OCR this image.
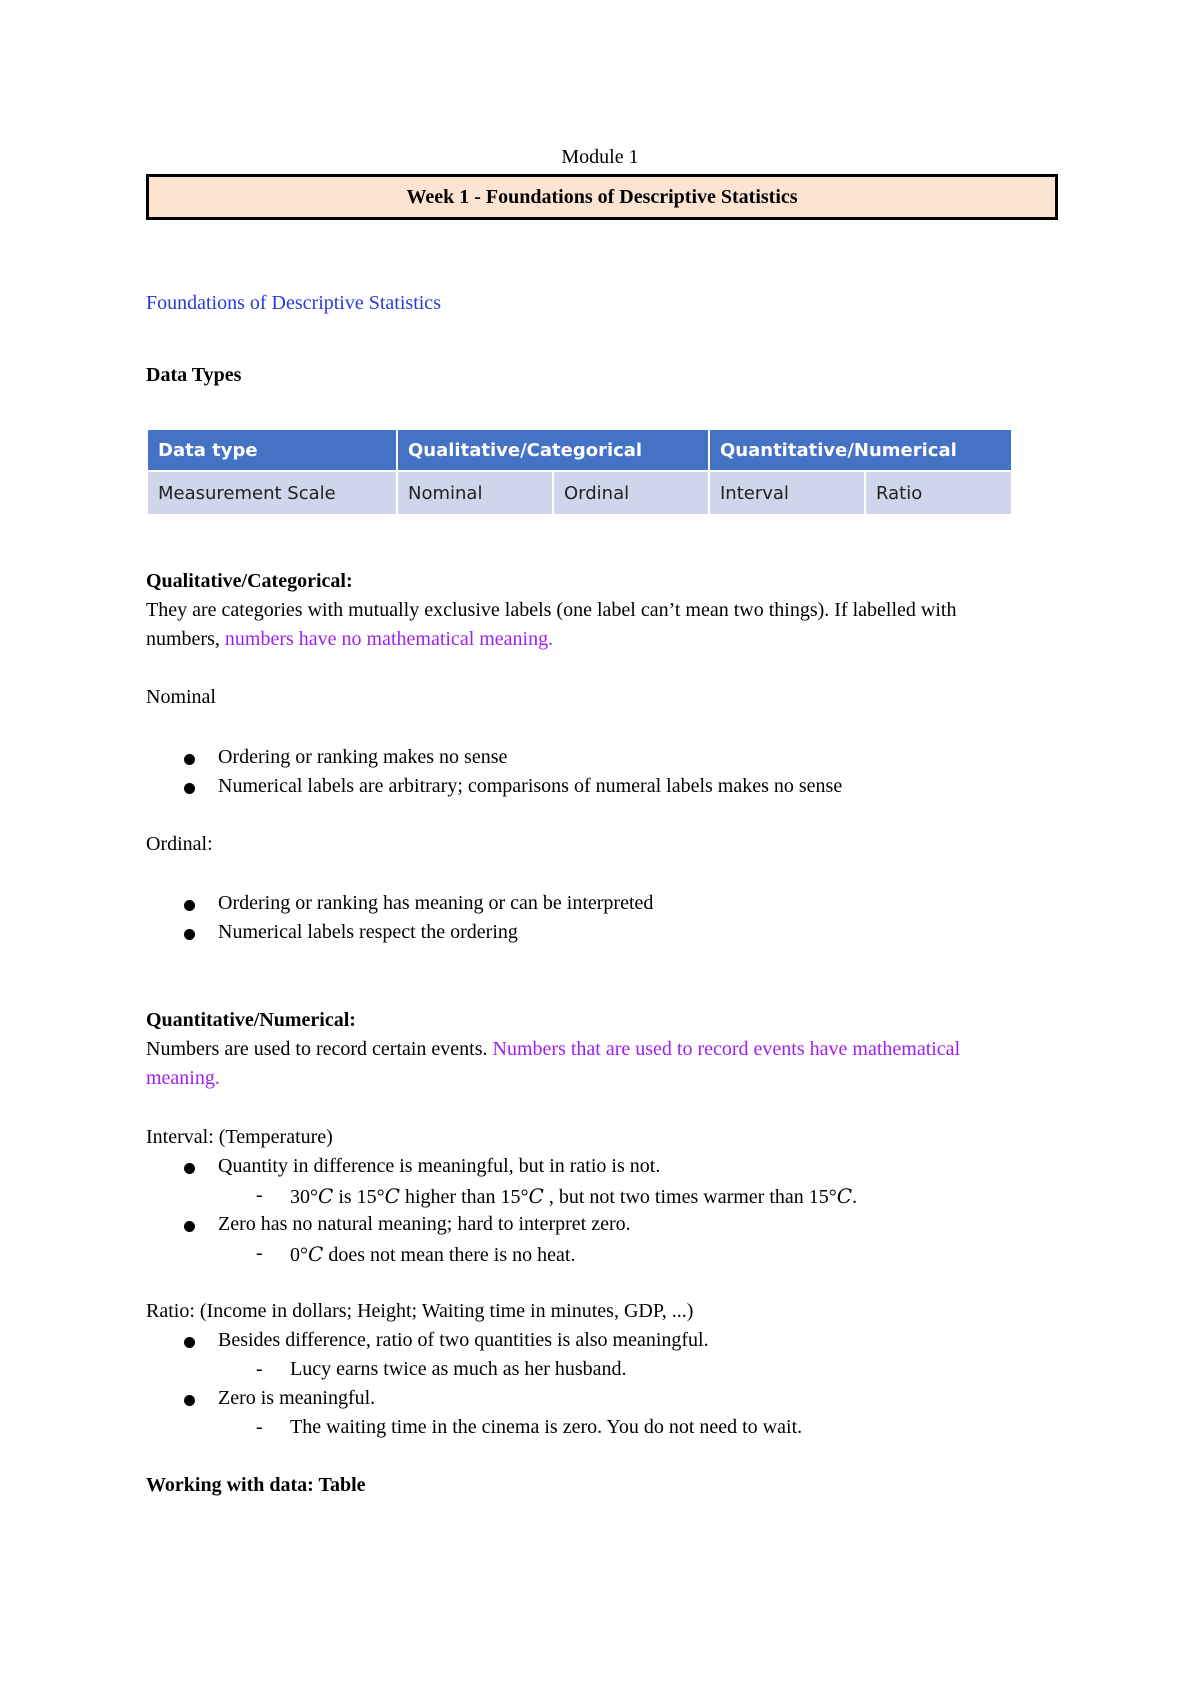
Module 1
Week 1 - Foundations of Descriptive Statistics
Foundations of Descriptive Statistics
Data Types
Data type	Qualitative/Categorical		Quantitative/Numerical	
Measurement Scale	Nominal	Ordinal	Interval	Ratio
Qualitative/Categorical:
They are categories with mutually exclusive labels (one label can’t mean two things). If labelled with
numbers, numbers have no mathematical meaning.
Nominal
Ordering or ranking makes no sense
Numerical labels are arbitrary; comparisons of numeral labels makes no sense
Ordinal:
Ordering or ranking has meaning or can be interpreted
Numerical labels respect the ordering
Quantitative/Numerical:
Numbers are used to record certain events. Numbers that are used to record events have mathematical
meaning.
Interval: (Temperature)
Quantity in difference is meaningful, but in ratio is not.
- 30°C is 15°C higher than 15°C , but not two times warmer than 15°C.
Zero has no natural meaning; hard to interpret zero.
- 0°C does not mean there is no heat.
Ratio: (Income in dollars; Height; Waiting time in minutes, GDP, ...)
Besides difference, ratio of two quantities is also meaningful.
- Lucy earns twice as much as her husband.
Zero is meaningful.
- The waiting time in the cinema is zero. You do not need to wait.
Working with data: Table
